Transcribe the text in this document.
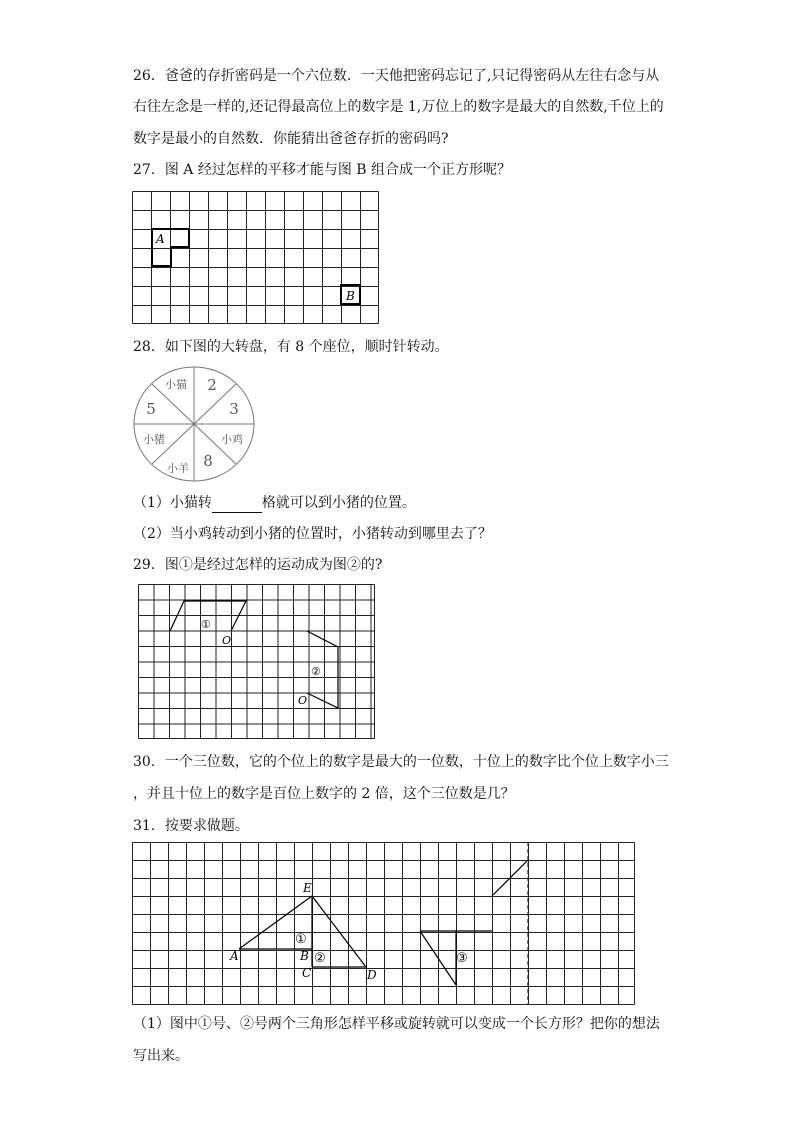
26．爸爸的存折密码是一个六位数．一天他把密码忘记了,只记得密码从左往右念与从
右往左念是一样的,还记得最高位上的数字是 1,万位上的数字是最大的自然数,千位上的
数字是最小的自然数．你能猜出爸爸存折的密码吗?
27．图 A 经过怎样的平移才能与图 B 组合成一个正方形呢？
A
B
28．如下图的大转盘，有 8 个座位，顺时针转动。
小猫 2
3
小鸡
8
小羊
小猪
5
（1）小猫转	格就可以到小猪的位置。
（2）当小鸡转动到小猪的位置时，小猪转动到哪里去了？
29．图①是经过怎样的运动成为图②的?
①
O
②
O
30．一个三位数，它的个位上的数字是最大的一位数，十位上的数字比个位上数字小三
，并且十位上的数字是百位上数字的 2 倍，这个三位数是几？
31．按要求做题。
E
A	B
C	D
①
②	③
（1）图中①号、②号两个三角形怎样平移或旋转就可以变成一个长方形？把你的想法
写出来。
